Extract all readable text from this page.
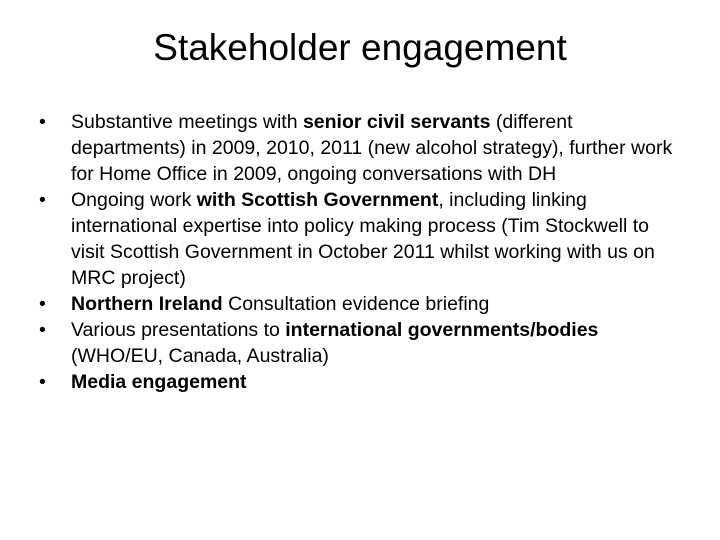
Stakeholder engagement
•	Substantive meetings with senior civil servants (different departments) in 2009, 2010, 2011 (new alcohol strategy), further work for Home Office in 2009, ongoing conversations with DH
•	Ongoing work with Scottish Government, including linking international expertise into policy making process (Tim Stockwell to visit Scottish Government in October 2011 whilst working with us on MRC project)
•	Northern Ireland Consultation evidence briefing
•	Various presentations to international governments/bodies (WHO/EU, Canada, Australia)
•	Media engagement
